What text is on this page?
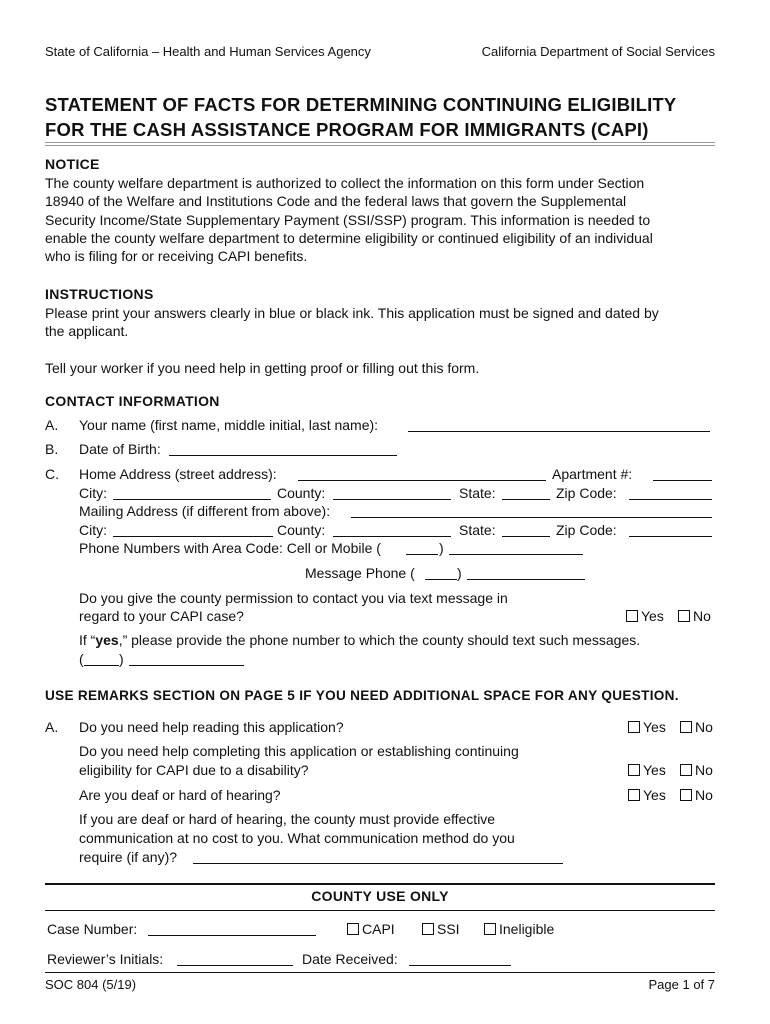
State of California – Health and Human Services Agency	California Department of Social Services
STATEMENT OF FACTS FOR DETERMINING CONTINUING ELIGIBILITY
FOR THE CASH ASSISTANCE PROGRAM FOR IMMIGRANTS (CAPI)
NOTICE
The county welfare department is authorized to collect the information on this form under Section
18940 of the Welfare and Institutions Code and the federal laws that govern the Supplemental
Security Income/State Supplementary Payment (SSI/SSP) program. This information is needed to
enable the county welfare department to determine eligibility or continued eligibility of an individual
who is filing for or receiving CAPI benefits.
INSTRUCTIONS
Please print your answers clearly in blue or black ink. This application must be signed and dated by
the applicant.
Tell your worker if you need help in getting proof or filling out this form.
CONTACT INFORMATION
A. Your name (first name, middle initial, last name):
B. Date of Birth:
C. Home Address (street address):	Apartment #:
City:	County:	State:	Zip Code:
Mailing Address (if different from above):
City:	County:	State:	Zip Code:
Phone Numbers with Area Code: Cell or Mobile (	)
Message Phone (	)
Do you give the county permission to contact you via text message in
regard to your CAPI case?	Yes	No
If “yes,” please provide the phone number to which the county should text such messages.
(	)
USE REMARKS SECTION ON PAGE 5 IF YOU NEED ADDITIONAL SPACE FOR ANY QUESTION.
A. Do you need help reading this application?	Yes	No
Do you need help completing this application or establishing continuing
eligibility for CAPI due to a disability?	Yes	No
Are you deaf or hard of hearing?	Yes	No
If you are deaf or hard of hearing, the county must provide effective
communication at no cost to you. What communication method do you
require (if any)?
COUNTY USE ONLY
Case Number:	CAPI	SSI	Ineligible
Reviewer’s Initials:	Date Received:
SOC 804 (5/19)	Page 1 of 7
